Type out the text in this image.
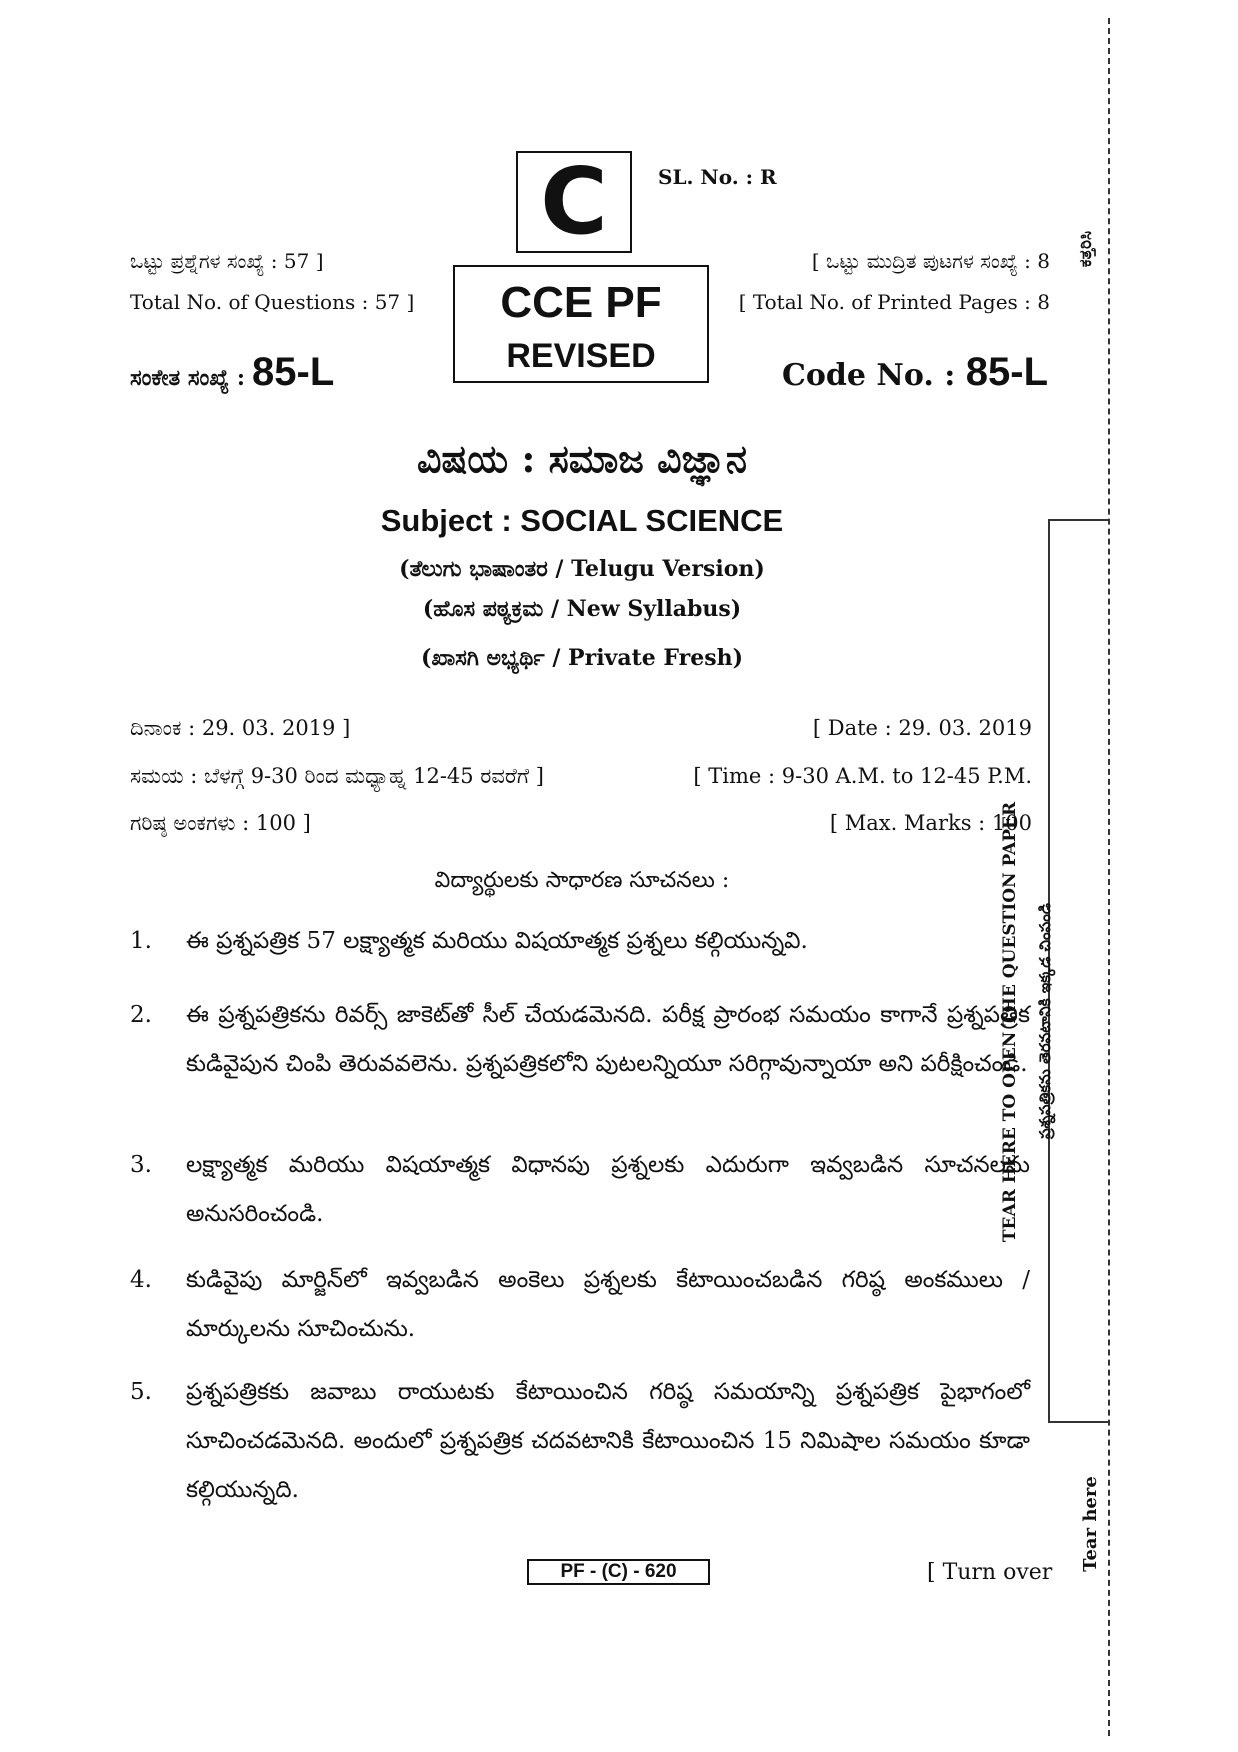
C	SL. No. : R
CCE PF
REVISED
ಒಟ್ಟು ಪ್ರಶ್ನೆಗಳ ಸಂಖ್ಯೆ : 57 ]
Total No. of Questions : 57 ]
[ ಒಟ್ಟು ಮುದ್ರಿತ ಪುಟಗಳ ಸಂಖ್ಯೆ : 8
[ Total No. of Printed Pages : 8
ಸಂಕೇತ ಸಂಖ್ಯೆ : 85-L	Code No. : 85-L
ವಿಷಯ : ಸಮಾಜ ವಿಜ್ಞಾನ
Subject : SOCIAL SCIENCE
(ತೆಲುಗು ಭಾಷಾಂತರ / Telugu Version)
(ಹೊಸ ಪಠ್ಯಕ್ರಮ / New Syllabus)
(ಖಾಸಗಿ ಅಭ್ಯರ್ಥಿ / Private Fresh)
ದಿನಾಂಕ : 29. 03. 2019 ]	[ Date : 29. 03. 2019
ಸಮಯ : ಬೆಳಗ್ಗೆ 9-30 ರಿಂದ ಮಧ್ಯಾಹ್ನ 12-45 ರವರೆಗೆ ]	[ Time : 9-30 A.M. to 12-45 P.M.
ಗರಿಷ್ಠ ಅಂಕಗಳು : 100 ]	[ Max. Marks : 100
విద్యార్థులకు సాధారణ సూచనలు :
1. ఈ ప్రశ్నపత్రిక 57 లక్ష్యాత్మక మరియు విషయాత్మక ప్రశ్నలు కల్గియున్నవి.
2. ఈ ప్రశ్నపత్రికను రివర్స్ జాకెట్‌తో సీల్ చేయడమెనది. పరీక్ష ప్రారంభ సమయం కాగానే ప్రశ్నపత్రిక కుడివైపున చింపి తెరువవలెను. ప్రశ్నపత్రికలోని పుటలన్నియూ సరిగ్గావున్నాయా అని పరీక్షించండి.
3. లక్ష్యాత్మక మరియు విషయాత్మక విధానపు ప్రశ్నలకు ఎదురుగా ఇవ్వబడిన సూచనలను అనుసరించండి.
4. కుడివైపు మార్జిన్‌లో ఇవ్వబడిన అంకెలు ప్రశ్నలకు కేటాయించబడిన గరిష్ఠ అంకములు / మార్కులను సూచించును.
5. ప్రశ్నపత్రికకు జవాబు రాయుటకు కేటాయించిన గరిష్ఠ సమయాన్ని ప్రశ్నపత్రిక పైభాగంలో సూచించడమెనది. అందులో ప్రశ్నపత్రిక చదవటానికి కేటాయించిన 15 నిమిషాల సమయం కూడా కల్గియున్నది.
PF - (C) - 620	[ Turn over
ಕತ್ತರಿಸಿ
TEAR HERE TO OPEN THE QUESTION PAPER ప్రశ్నపత్రికను తెరవటానికి ఇక్కడ చింపండి
Tear here
